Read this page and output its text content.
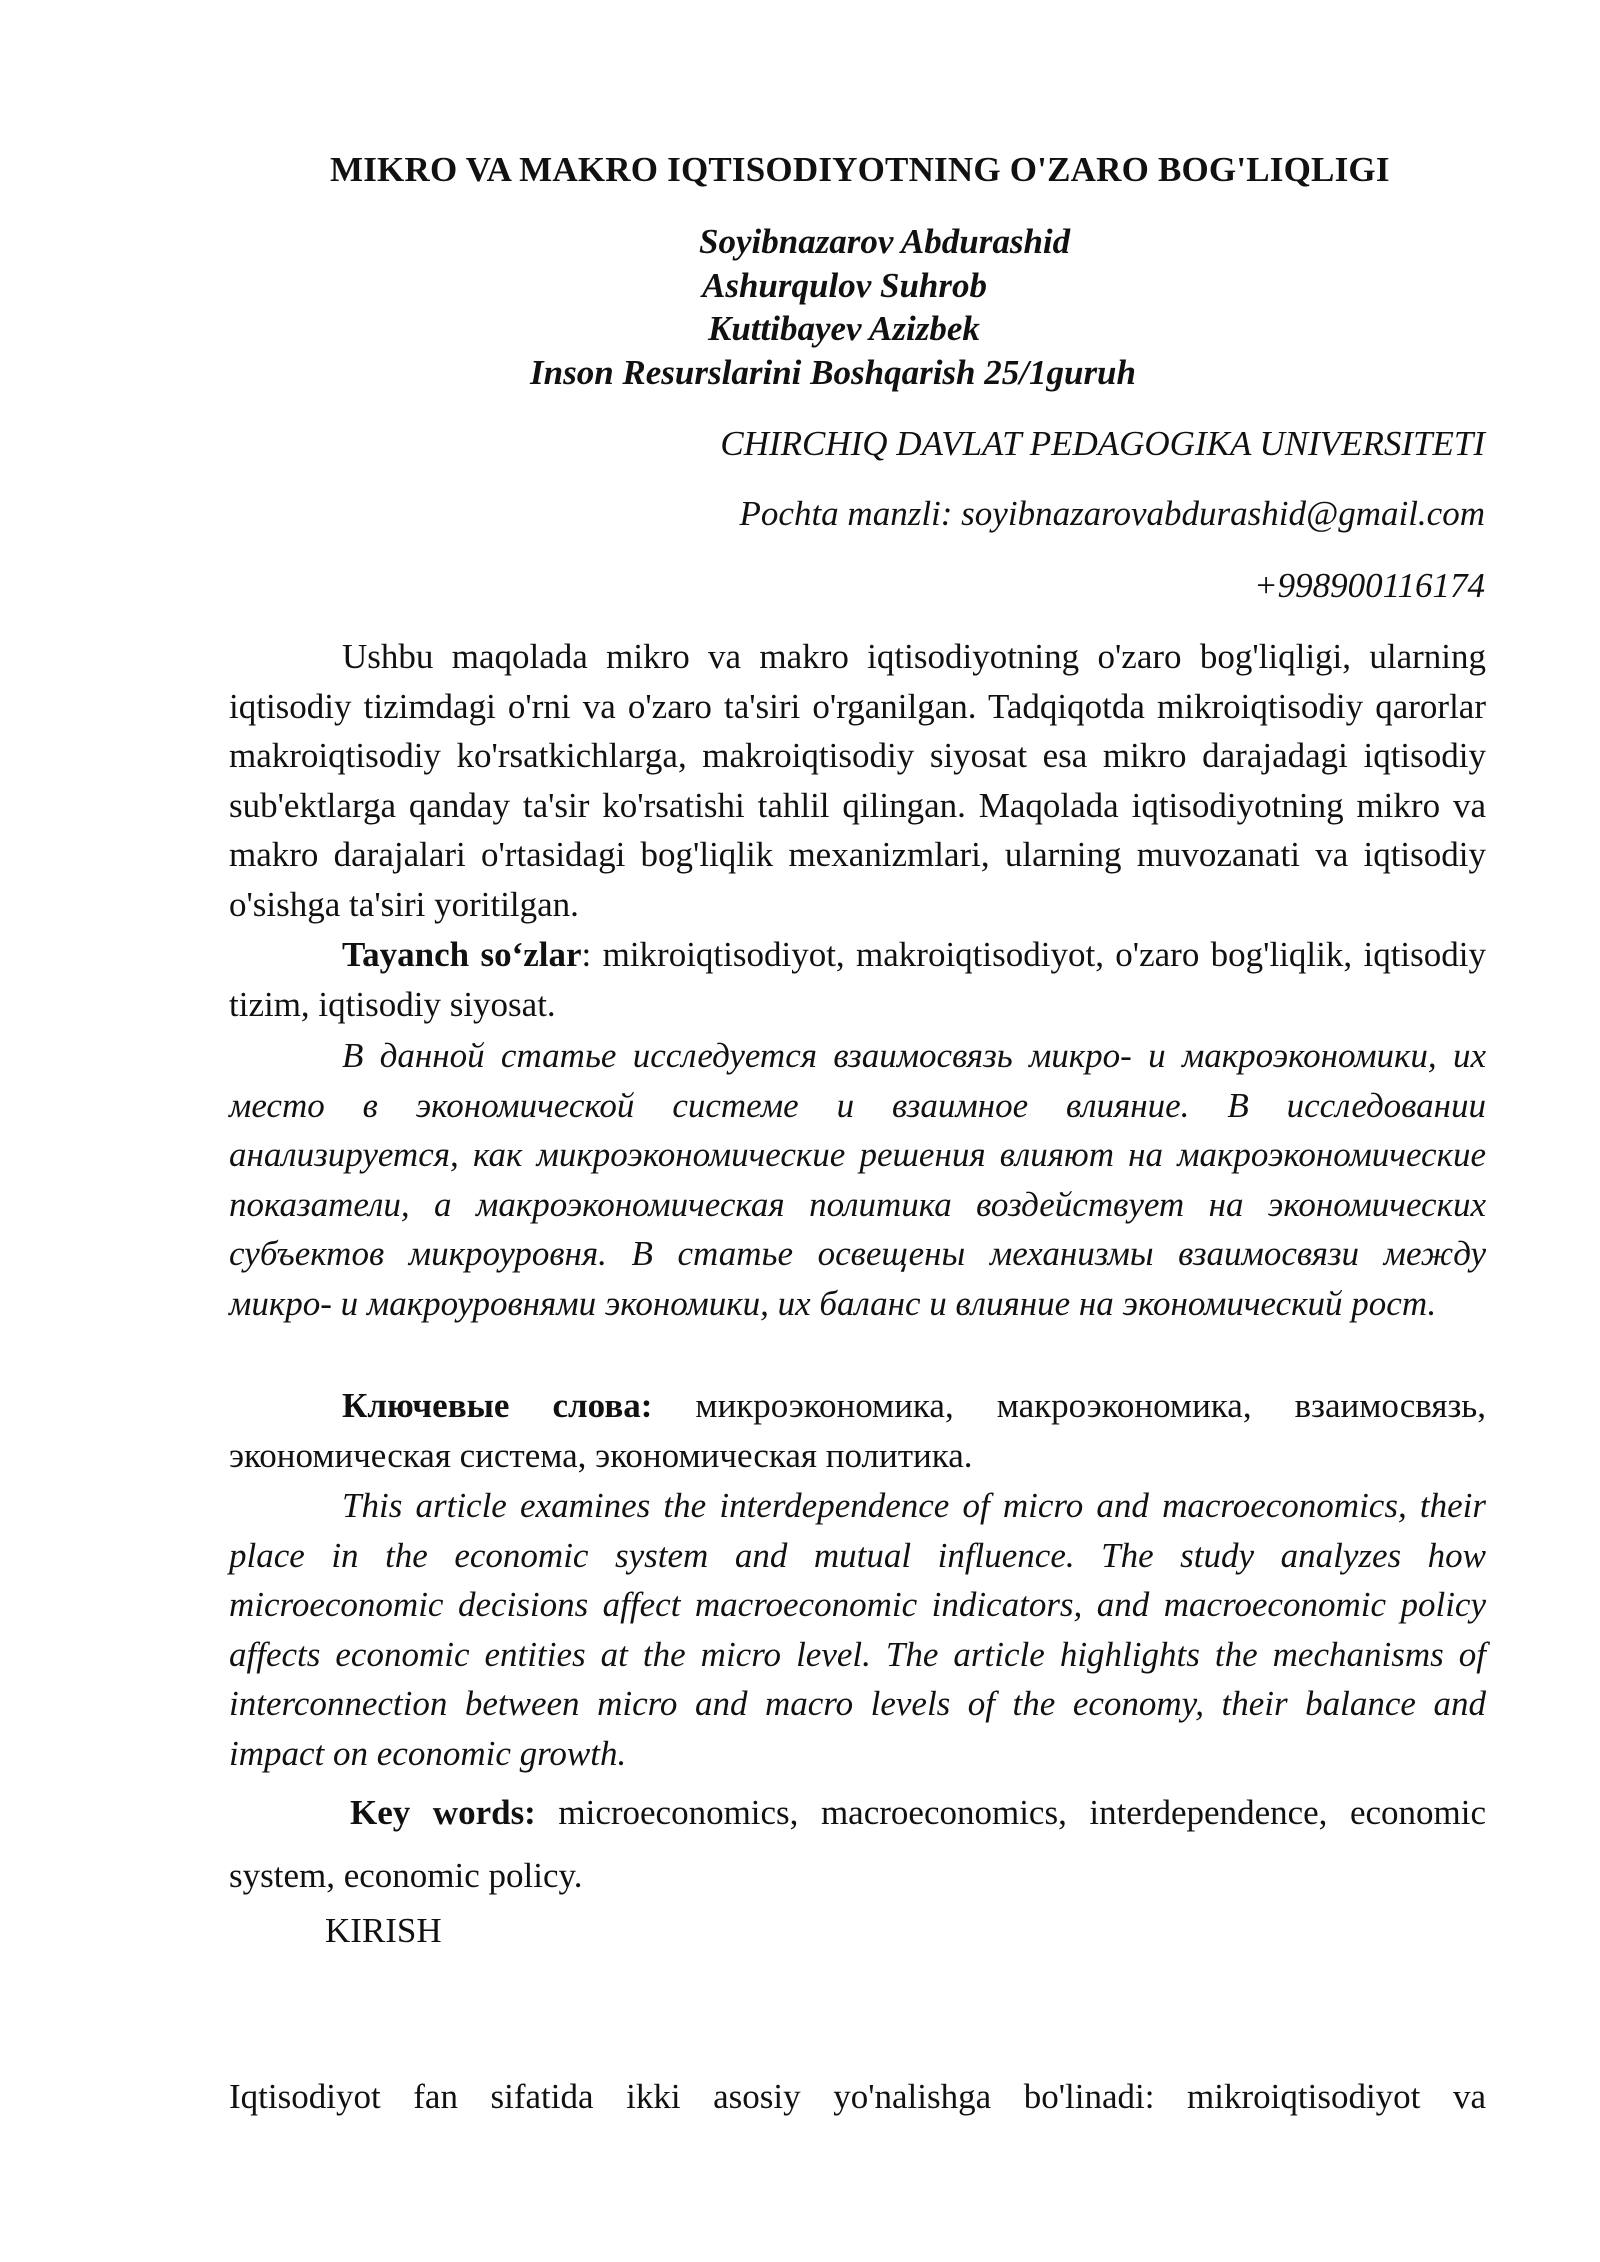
MIKRO VA MAKRO IQTISODIYOTNING O'ZARO BOG'LIQLIGI
Soyibnazarov Abdurashid
Ashurqulov Suhrob
Kuttibayev Azizbek
Inson Resurslarini Boshqarish 25/1guruh
CHIRCHIQ DAVLAT PEDAGOGIKA UNIVERSITETI
Pochta manzli: soyibnazarovabdurashid@gmail.com
+998900116174

Ushbu maqolada mikro va makro iqtisodiyotning o'zaro bog'liqligi, ularning iqtisodiy tizimdagi o'rni va o'zaro ta'siri o'rganilgan. Tadqiqotda mikroiqtisodiy qarorlar makroiqtisodiy ko'rsatkichlarga, makroiqtisodiy siyosat esa mikro darajadagi iqtisodiy sub'ektlarga qanday ta'sir ko'rsatishi tahlil qilingan. Maqolada iqtisodiyotning mikro va makro darajalari o'rtasidagi bog'liqlik mexanizmlari, ularning muvozanati va iqtisodiy o'sishga ta'siri yoritilgan.

Tayanch so‘zlar: mikroiqtisodiyot, makroiqtisodiyot, o'zaro bog'liqlik, iqtisodiy tizim, iqtisodiy siyosat.

В данной статье исследуется взаимосвязь микро- и макроэкономики, их место в экономической системе и взаимное влияние. В исследовании анализируется, как микроэкономические решения влияют на макроэкономические показатели, а макроэкономическая политика воздействует на экономических субъектов микроуровня. В статье освещены механизмы взаимосвязи между микро- и макроуровнями экономики, их баланс и влияние на экономический рост.

Ключевые слова: микроэкономика, макроэкономика, взаимосвязь, экономическая система, экономическая политика.

This article examines the interdependence of micro and macroeconomics, their place in the economic system and mutual influence. The study analyzes how microeconomic decisions affect macroeconomic indicators, and macroeconomic policy affects economic entities at the micro level. The article highlights the mechanisms of interconnection between micro and macro levels of the economy, their balance and impact on economic growth.

Key words: microeconomics, macroeconomics, interdependence, economic system, economic policy.

KIRISH
Iqtisodiyot fan sifatida ikki asosiy yo'nalishga bo'linadi: mikroiqtisodiyot va
